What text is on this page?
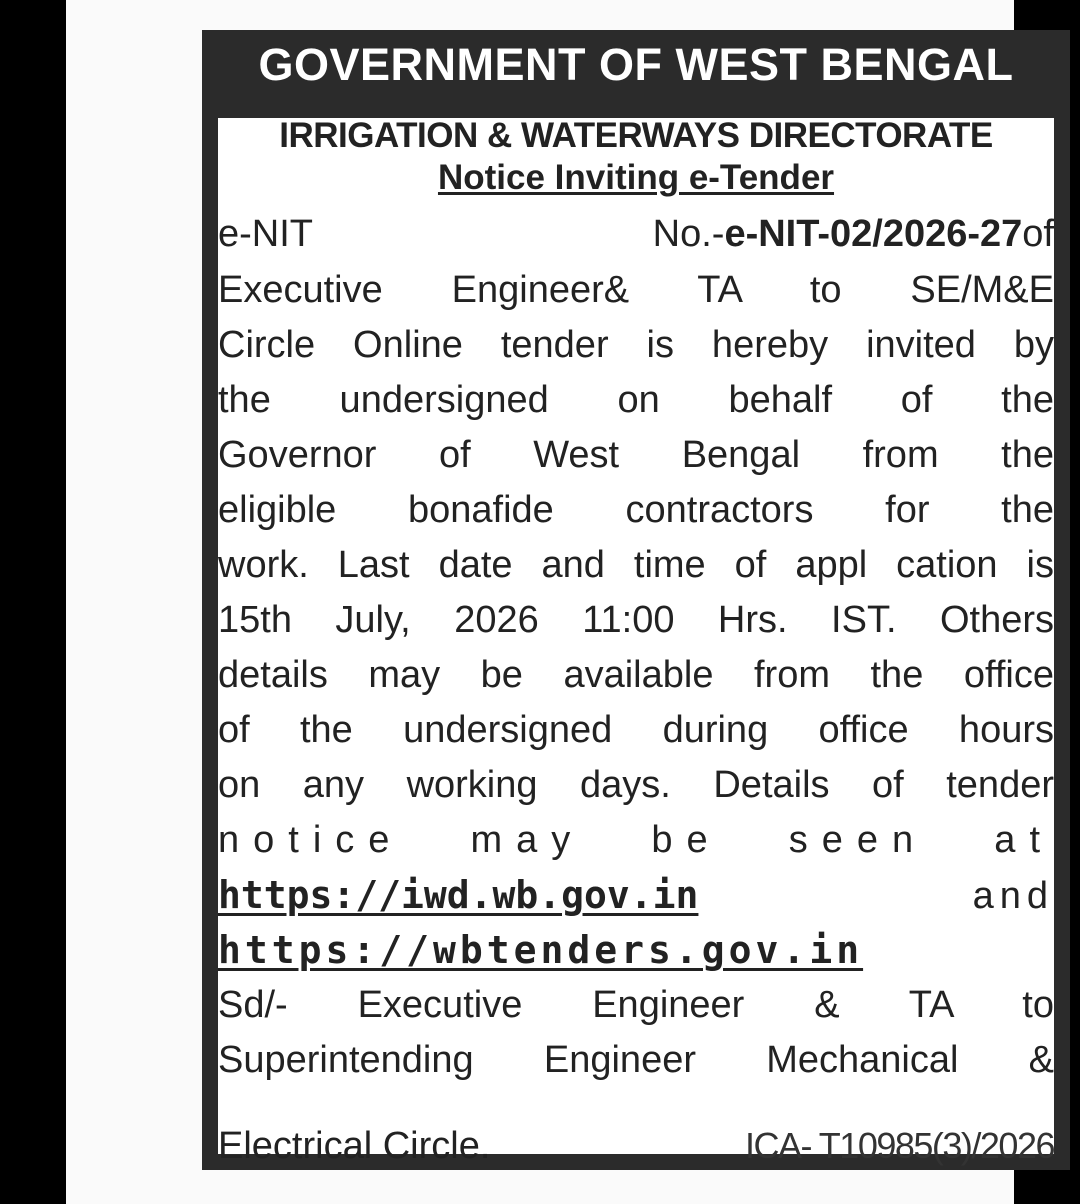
GOVERNMENT OF WEST BENGAL
IRRIGATION & WATERWAYS DIRECTORATE
Notice Inviting e-Tender
e-NIT No.-e-NIT-02/2026-27of
Executive Engineer& TA to SE/M&E
Circle Online tender is hereby invited by
the undersigned on behalf of the
Governor of West Bengal from the
eligible bonafide contractors for the
work. Last date and time of appl cation is
15th July, 2026 11:00 Hrs. IST. Others
details may be available from the office
of the undersigned during office hours
on any working days. Details of tender
notice may be seen at
https://iwd.wb.gov.in	and
https://wbtenders.gov.in
Sd/- Executive Engineer & TA to
Superintending Engineer Mechanical &
Electrical Circle.	ICA- T10985(3)/2026
